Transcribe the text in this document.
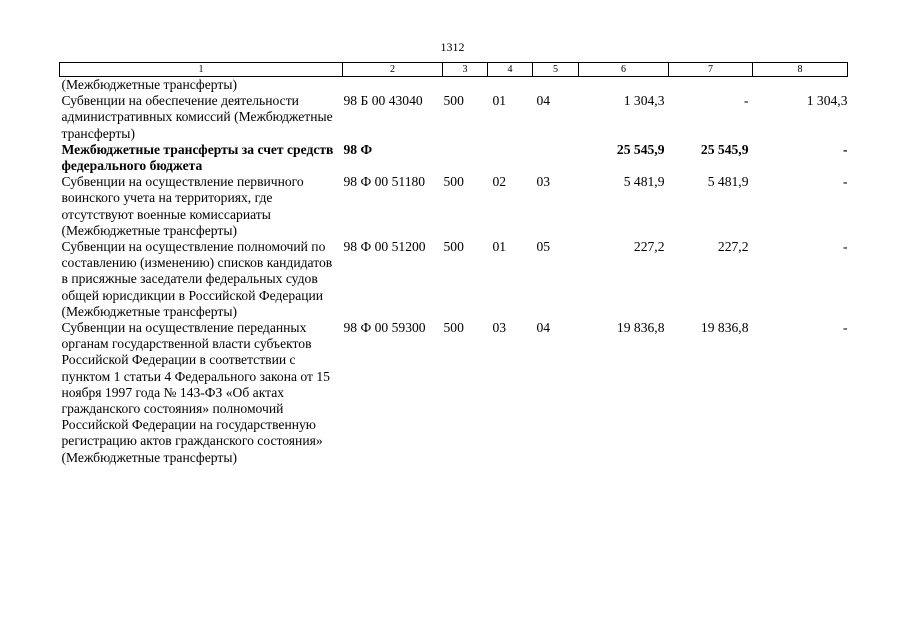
1312
1	2	3	4	5	6	7	8
(Межбюджетные трансферты)							
Субвенции на обеспечение деятельности административных комиссий (Межбюджетные трансферты)	98 Б 00 43040	500	01	04	1 304,3	-	1 304,3
Межбюджетные трансферты за счет средств федерального бюджета	98 Ф				25 545,9	25 545,9	-
Субвенции на осуществление первичного воинского учета на территориях, где отсутствуют военные комиссариаты (Межбюджетные трансферты)	98 Ф 00 51180	500	02	03	5 481,9	5 481,9	-
Субвенции на осуществление полномочий по составлению (изменению) списков кандидатов в присяжные заседатели федеральных судов общей юрисдикции в Российской Федерации (Межбюджетные трансферты)	98 Ф 00 51200	500	01	05	227,2	227,2	-
Субвенции на осуществление переданных органам государственной власти субъектов Российской Федерации в соответствии с пунктом 1 статьи 4 Федерального закона от 15 ноября 1997 года № 143-ФЗ «Об актах гражданского состояния» полномочий Российской Федерации на государственную регистрацию актов гражданского состояния» (Межбюджетные трансферты)	98 Ф 00 59300	500	03	04	19 836,8	19 836,8	-
